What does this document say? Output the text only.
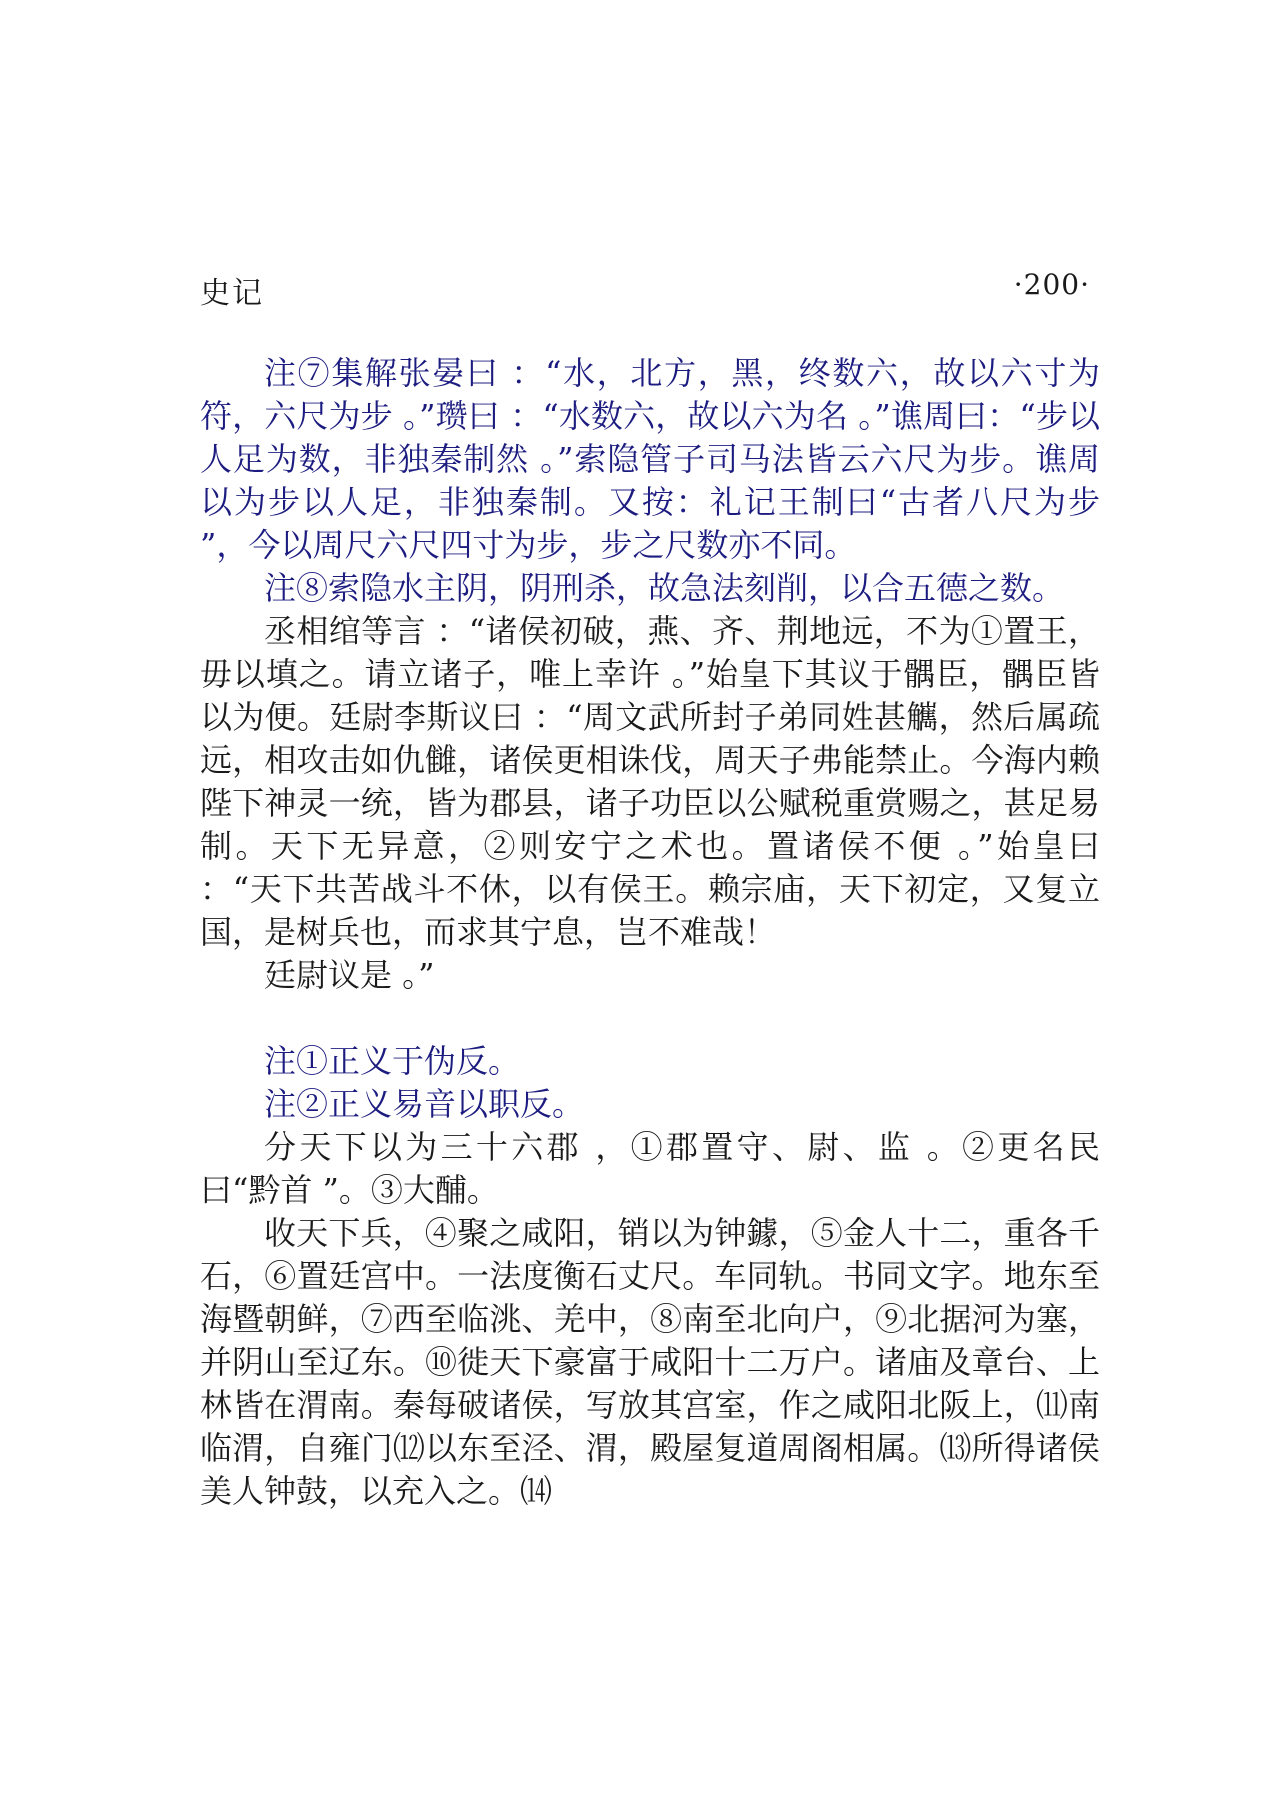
史记	·200·

注⑦集解张晏曰 ：“水，北方，黑，终数六，故以六寸为符，六尺为步 。”瓒曰 ：“水数六，故以六为名 。”谯周曰：“步以人足为数，非独秦制然 。”索隐管子司马法皆云六尺为步。谯周以为步以人足，非独秦制。又按：礼记王制曰“古者八尺为步 ”，今以周尺六尺四寸为步，步之尺数亦不同。

注⑧索隐水主阴，阴刑杀，故急法刻削，以合五德之数。

丞相绾等言 ：“诸侯初破，燕、齐、荆地远，不为①置王，毋以填之。请立诸子，唯上幸许 。”始皇下其议于髃臣，髃臣皆以为便。廷尉李斯议曰 ：“周文武所封子弟同姓甚觽，然后属疏远，相攻击如仇雠，诸侯更相诛伐，周天子弗能禁止。今海内赖陛下神灵一统，皆为郡县，诸子功臣以公赋税重赏赐之，甚足易制。天下无异意，②则安宁之术也。置诸侯不便 。”始皇曰 ：“天下共苦战斗不休，以有侯王。赖宗庙，天下初定，又复立国，是树兵也，而求其宁息，岂不难哉！

廷尉议是 。”

注①正义于伪反。

注②正义易音以职反。

分天下以为三十六郡 ，①郡置守、尉、监 。②更名民曰“黔首 ”。③大酺。

收天下兵，④聚之咸阳，销以为钟鐻，⑤金人十二，重各千石，⑥置廷宫中。一法度衡石丈尺。车同轨。书同文字。地东至海暨朝鲜，⑦西至临洮、羌中，⑧南至北向户，⑨北据河为塞，并阴山至辽东。⑩徙天下豪富于咸阳十二万户。诸庙及章台、上林皆在渭南。秦每破诸侯，写放其宫室，作之咸阳北阪上，⑾南临渭，自雍门⑿以东至泾、渭，殿屋复道周阁相属。⒀所得诸侯美人钟鼓，以充入之。⒁
